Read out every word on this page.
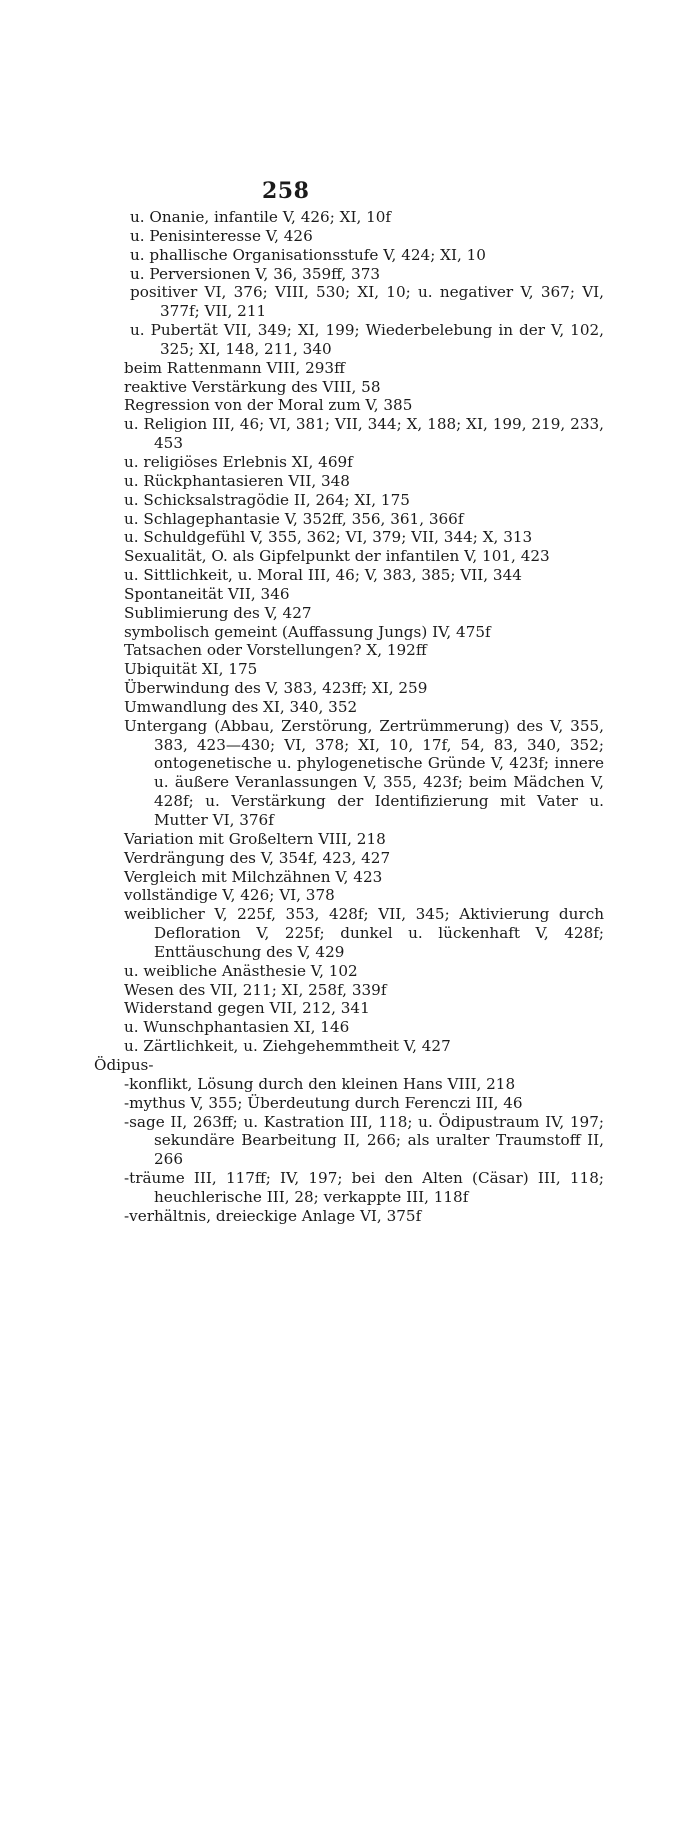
258
u. Onanie, infantile V, 426; XI, 10f
u. Penisinteresse V, 426
u. phallische Organisationsstufe V, 424; XI, 10
u. Perversionen V, 36, 359ff, 373
positiver VI, 376; VIII, 530; XI, 10; u. negativer V, 367; VI, 377f; VII, 211
u. Pubertät VII, 349; XI, 199; Wiederbelebung in der V, 102, 325; XI, 148, 211, 340
beim Rattenmann VIII, 293ff
reaktive Verstärkung des VIII, 58
Regression von der Moral zum V, 385
u. Religion III, 46; VI, 381; VII, 344; X, 188; XI, 199, 219, 233, 453
u. religiöses Erlebnis XI, 469f
u. Rückphantasieren VII, 348
u. Schicksalstragödie II, 264; XI, 175
u. Schlagephantasie V, 352ff, 356, 361, 366f
u. Schuldgefühl V, 355, 362; VI, 379; VII, 344; X, 313
Sexualität, O. als Gipfelpunkt der infantilen V, 101, 423
u. Sittlichkeit, u. Moral III, 46; V, 383, 385; VII, 344
Spontaneität VII, 346
Sublimierung des V, 427
symbolisch gemeint (Auffassung Jungs) IV, 475f
Tatsachen oder Vorstellungen? X, 192ff
Ubiquität XI, 175
Überwindung des V, 383, 423ff; XI, 259
Umwandlung des XI, 340, 352
Untergang (Abbau, Zerstörung, Zertrümmerung) des V, 355, 383, 423—430; VI, 378; XI, 10, 17f, 54, 83, 340, 352; ontogenetische u. phylogenetische Gründe V, 423f; innere u. äußere Veranlassungen V, 355, 423f; beim Mädchen V, 428f; u. Verstärkung der Identifizierung mit Vater u. Mutter VI, 376f
Variation mit Großeltern VIII, 218
Verdrängung des V, 354f, 423, 427
Vergleich mit Milchzähnen V, 423
vollständige V, 426; VI, 378
weiblicher V, 225f, 353, 428f; VII, 345; Aktivierung durch Defloration V, 225f; dunkel u. lückenhaft V, 428f; Enttäuschung des V, 429
u. weibliche Anästhesie V, 102
Wesen des VII, 211; XI, 258f, 339f
Widerstand gegen VII, 212, 341
u. Wunschphantasien XI, 146
u. Zärtlichkeit, u. Ziehgehemmtheit V, 427
Ödipus-
-konflikt, Lösung durch den kleinen Hans VIII, 218
-mythus V, 355; Überdeutung durch Ferenczi III, 46
-sage II, 263ff; u. Kastration III, 118; u. Ödipustraum IV, 197; sekundäre Bearbeitung II, 266; als uralter Traumstoff II, 266
-träume III, 117ff; IV, 197; bei den Alten (Cäsar) III, 118; heuchlerische III, 28; verkappte III, 118f
-verhältnis, dreieckige Anlage VI, 375f
